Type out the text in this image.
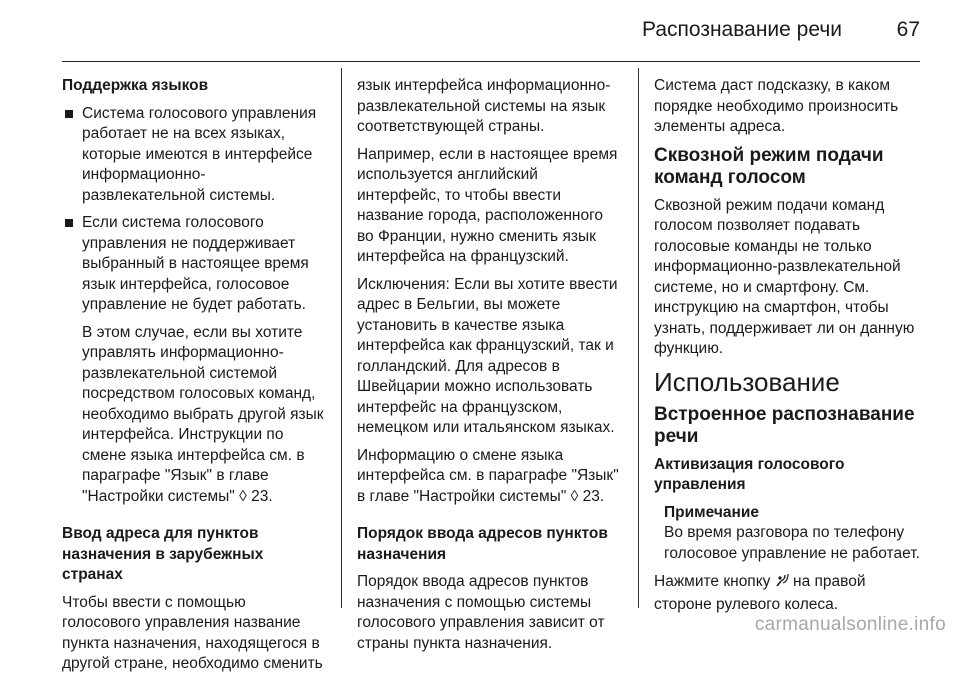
Распознавание речи	67

Поддержка языков

Система голосового управления работает не на всех языках, которые имеются в интерфейсе информационно-развлекательной системы.
Если система голосового управления не поддерживает выбранный в настоящее время язык интерфейса, голосовое управление не будет работать.

В этом случае, если вы хотите управлять информационно-развлекательной системой посредством голосовых команд, необходимо выбрать другой язык интерфейса. Инструкции по смене языка интерфейса см. в параграфе "Язык" в главе "Настройки системы" ◊ 23.

Ввод адреса для пунктов назначения в зарубежных странах

Чтобы ввести с помощью голосового управления название пункта назначения, находящегося в другой стране, необходимо сменить

язык интерфейса информационно-развлекательной системы на язык соответствующей страны.

Например, если в настоящее время используется английский интерфейс, то чтобы ввести название города, расположенного во Франции, нужно сменить язык интерфейса на французский.

Исключения: Если вы хотите ввести адрес в Бельгии, вы можете установить в качестве языка интерфейса как французский, так и голландский. Для адресов в Швейцарии можно использовать интерфейс на французском, немецком или итальянском языках.

Информацию о смене языка интерфейса см. в параграфе "Язык" в главе "Настройки системы" ◊ 23.

Порядок ввода адресов пунктов назначения

Порядок ввода адресов пунктов назначения с помощью системы голосового управления зависит от страны пункта назначения.

Система даст подсказку, в каком порядке необходимо произносить элементы адреса.

Сквозной режим подачи команд голосом

Сквозной режим подачи команд голосом позволяет подавать голосовые команды не только информационно-развлекательной системе, но и смартфону. См. инструкцию на смартфон, чтобы узнать, поддерживает ли он данную функцию.

Использование

Встроенное распознавание речи

Активизация голосового управления

Примечание

Во время разговора по телефону голосовое управление не работает.

Нажмите кнопку на правой стороне рулевого колеса.

carmanualsonline.info
